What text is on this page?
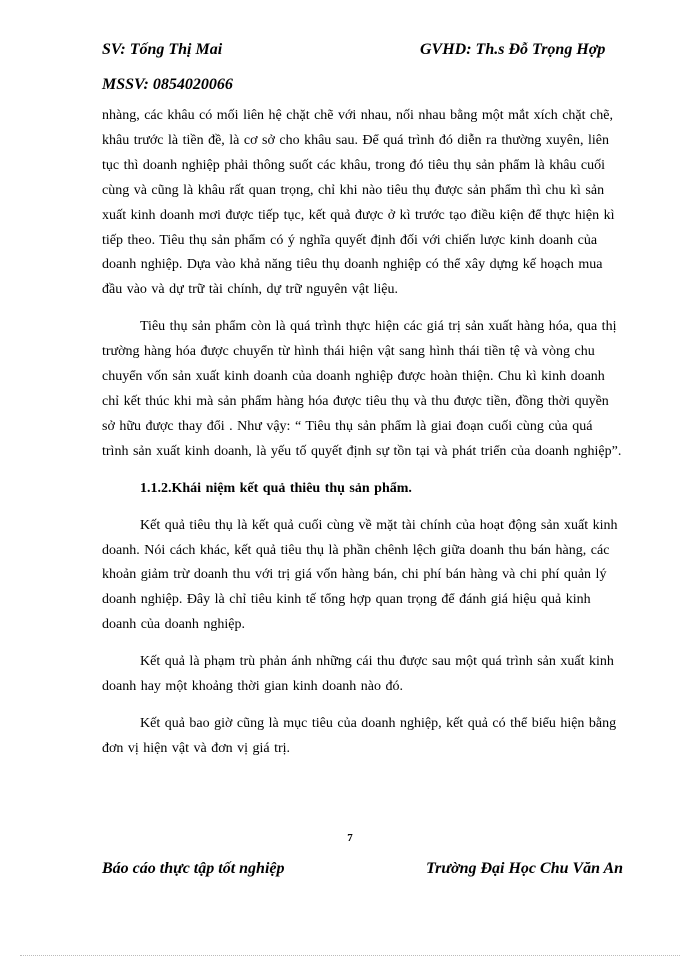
SV: Tống Thị Mai	GVHD: Th.s Đỗ Trọng Hợp
MSSV: 0854020066

nhàng, các khâu có mối liên hệ chặt chẽ với nhau, nối nhau bằng một mắt xích chặt chẽ, khâu trước là tiền đề, là cơ sở cho khâu sau. Để quá trình đó diễn ra thường xuyên, liên tục thì doanh nghiệp phải thông suốt các khâu, trong đó tiêu thụ sản phẩm là khâu cuối cùng và cũng là khâu rất quan trọng, chỉ khi nào tiêu thụ được sản phẩm thì chu kì sản xuất kinh doanh mơi được tiếp tục, kết quả được ở kì trước tạo điều kiện để thực hiện kì tiếp theo. Tiêu thụ sản phẩm có ý nghĩa quyết định đối với chiến lược kinh doanh của doanh nghiệp. Dựa vào khả năng tiêu thụ doanh nghiệp có thể xây dựng kế hoạch mua đầu vào và dự trữ tài chính, dự trữ nguyên vật liệu.

Tiêu thụ sản phẩm còn là quá trình thực hiện các giá trị sản xuất hàng hóa, qua thị trường hàng hóa được chuyển từ hình thái hiện vật sang hình thái tiền tệ và vòng chu chuyển vốn sản xuất kinh doanh của doanh nghiệp được hoàn thiện. Chu kì kinh doanh chỉ kết thúc khi mà sản phẩm hàng hóa được tiêu thụ và thu được tiền, đồng thời quyền sở hữu được thay đổi . Như vậy: “ Tiêu thụ sản phẩm là giai đoạn cuối cùng của quá trình sản xuất kinh doanh, là yếu tố quyết định sự tồn tại và phát triển của doanh nghiệp”.

1.1.2.Khái niệm kết quả thiêu thụ sản phẩm.

Kết quả tiêu thụ là kết quả cuối cùng về mặt tài chính của hoạt động sản xuất kinh doanh. Nói cách khác, kết quả tiêu thụ là phần chênh lệch giữa doanh thu bán hàng, các khoản giảm trừ doanh thu với trị giá vốn hàng bán, chi phí bán hàng và chi phí quản lý doanh nghiệp. Đây là chỉ tiêu kinh tế tổng hợp quan trọng để đánh giá hiệu quả kinh doanh của doanh nghiệp.

Kết quả là phạm trù phản ánh những cái thu được sau một quá trình sản xuất kinh doanh hay một khoảng thời gian kinh doanh nào đó.

Kết quả bao giờ cũng là mục tiêu của doanh nghiệp, kết quả có thể biểu hiện bằng đơn vị hiện vật và đơn vị giá trị.

7
Báo cáo thực tập tốt nghiệp	Trường Đại Học Chu Văn An
